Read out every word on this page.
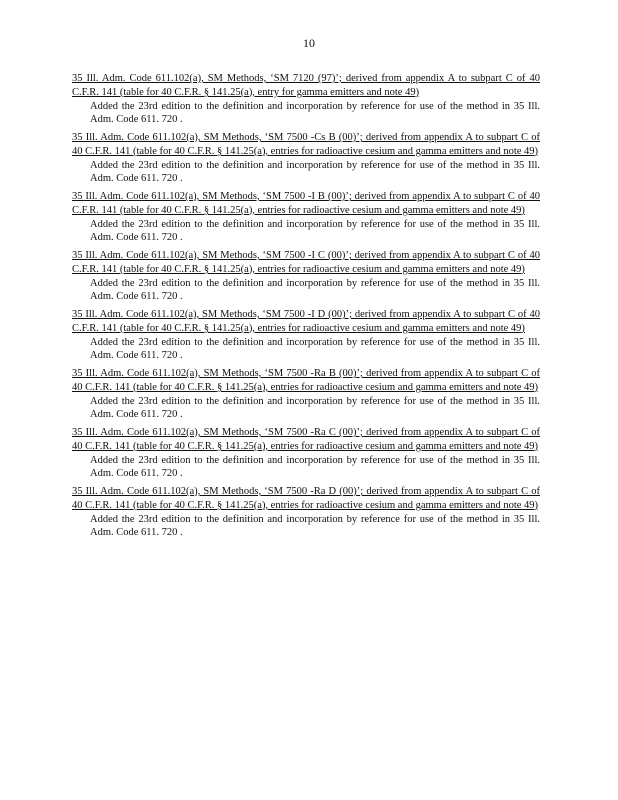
10
35 Ill. Adm. Code 611.102(a), SM Methods, ‘SM 7120 (97)’; derived from appendix A to subpart C of 40 C.F.R. 141 (table for 40 C.F.R. § 141.25(a), entry for gamma emitters and note 49)
Added the 23rd edition to the definition and incorporation by reference for use of the method in 35 Ill. Adm. Code 611. 720 .
35 Ill. Adm. Code 611.102(a), SM Methods, ‘SM 7500 -Cs B (00)’; derived from appendix A to subpart C of 40 C.F.R. 141 (table for 40 C.F.R. § 141.25(a), entries for radioactive cesium and gamma emitters and note 49)
Added the 23rd edition to the definition and incorporation by reference for use of the method in 35 Ill. Adm. Code 611. 720 .
35 Ill. Adm. Code 611.102(a), SM Methods, ‘SM 7500 -I B (00)’; derived from appendix A to subpart C of 40 C.F.R. 141 (table for 40 C.F.R. § 141.25(a), entries for radioactive cesium and gamma emitters and note 49)
Added the 23rd edition to the definition and incorporation by reference for use of the method in 35 Ill. Adm. Code 611. 720 .
35 Ill. Adm. Code 611.102(a), SM Methods, ‘SM 7500 -I C (00)’; derived from appendix A to subpart C of 40 C.F.R. 141 (table for 40 C.F.R. § 141.25(a), entries for radioactive cesium and gamma emitters and note 49)
Added the 23rd edition to the definition and incorporation by reference for use of the method in 35 Ill. Adm. Code 611. 720 .
35 Ill. Adm. Code 611.102(a), SM Methods, ‘SM 7500 -I D (00)’; derived from appendix A to subpart C of 40 C.F.R. 141 (table for 40 C.F.R. § 141.25(a), entries for radioactive cesium and gamma emitters and note 49)
Added the 23rd edition to the definition and incorporation by reference for use of the method in 35 Ill. Adm. Code 611. 720 .
35 Ill. Adm. Code 611.102(a), SM Methods, ‘SM 7500 -Ra B (00)’; derived from appendix A to subpart C of 40 C.F.R. 141 (table for 40 C.F.R. § 141.25(a), entries for radioactive cesium and gamma emitters and note 49)
Added the 23rd edition to the definition and incorporation by reference for use of the method in 35 Ill. Adm. Code 611. 720 .
35 Ill. Adm. Code 611.102(a), SM Methods, ‘SM 7500 -Ra C (00)’; derived from appendix A to subpart C of 40 C.F.R. 141 (table for 40 C.F.R. § 141.25(a), entries for radioactive cesium and gamma emitters and note 49)
Added the 23rd edition to the definition and incorporation by reference for use of the method in 35 Ill. Adm. Code 611. 720 .
35 Ill. Adm. Code 611.102(a), SM Methods, ‘SM 7500 -Ra D (00)’; derived from appendix A to subpart C of 40 C.F.R. 141 (table for 40 C.F.R. § 141.25(a), entries for radioactive cesium and gamma emitters and note 49)
Added the 23rd edition to the definition and incorporation by reference for use of the method in 35 Ill. Adm. Code 611. 720 .
